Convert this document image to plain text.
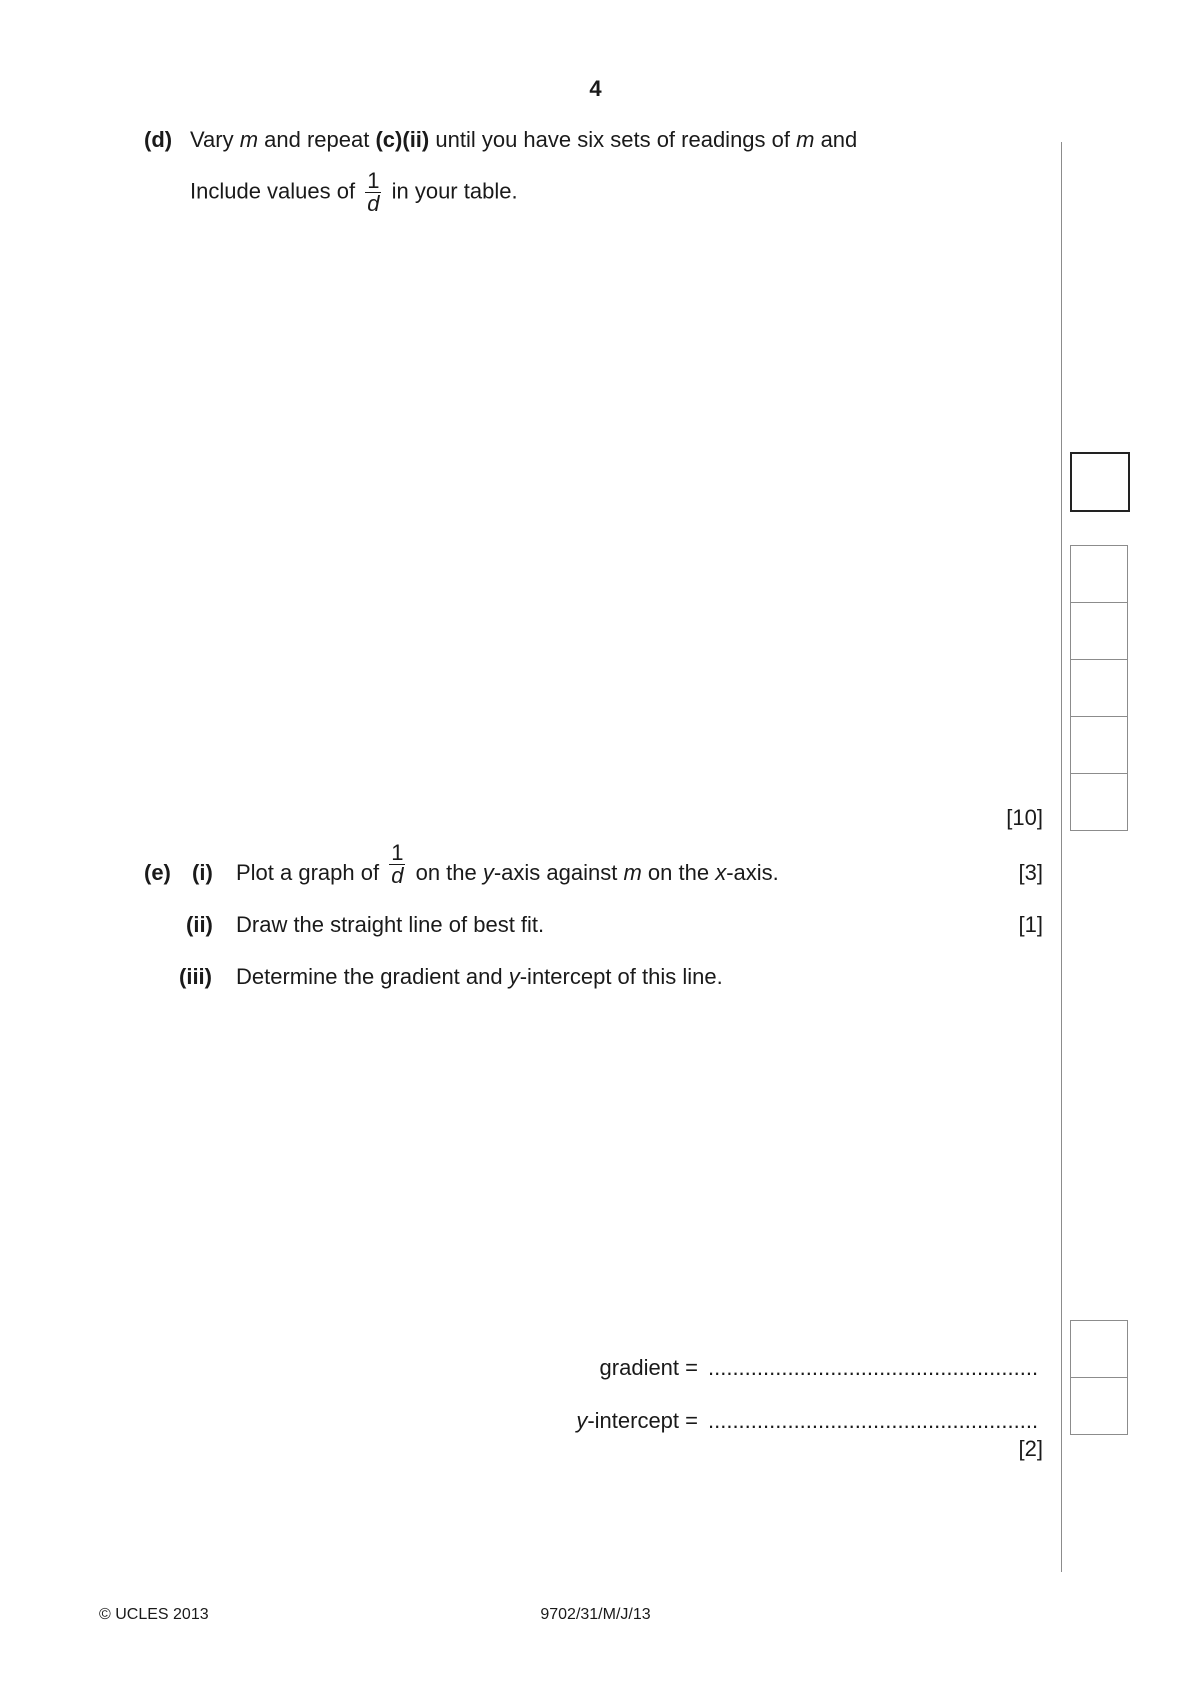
4
(d) Vary m and repeat (c)(ii) until you have six sets of readings of m and
Include values of $\frac{1}{d}$ in your table.
[10]
(e) (i) Plot a graph of $\frac{1}{d}$ on the y-axis against m on the x-axis.	[3]
(ii) Draw the straight line of best fit.	[1]
(iii) Determine the gradient and y-intercept of this line.
gradient = ......................................................
y-intercept = ......................................................
[2]
© UCLES 2013	9702/31/M/J/13
